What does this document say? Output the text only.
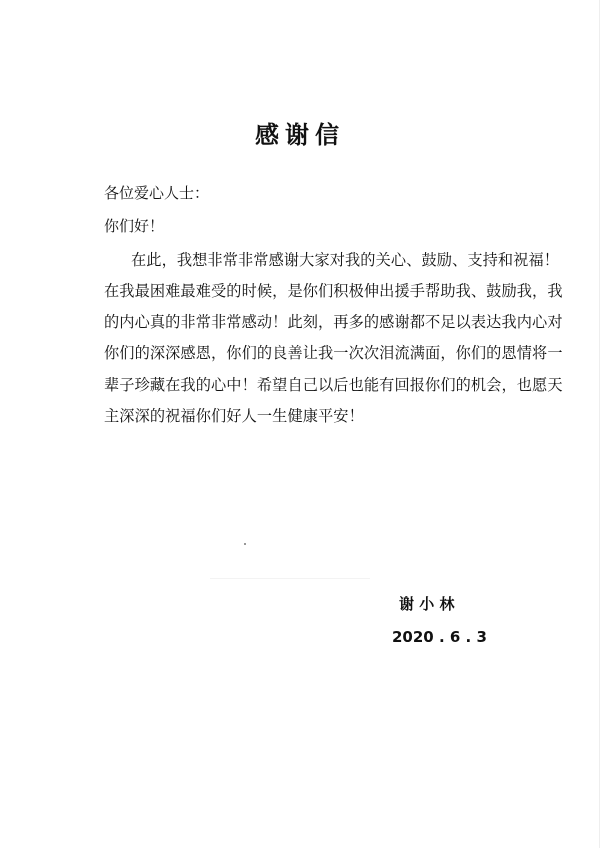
感谢信
各位爱心人士：
你们好！
在此，我想非常非常感谢大家对我的关心、鼓励、支持和祝福！
在我最困难最难受的时候，是你们积极伸出援手帮助我、鼓励我，我
的内心真的非常非常感动！此刻，再多的感谢都不足以表达我内心对
你们的深深感恩，你们的良善让我一次次泪流满面，你们的恩情将一
辈子珍藏在我的心中！希望自己以后也能有回报你们的机会，也愿天
主深深的祝福你们好人一生健康平安！
谢 小 林
2020 . 6 . 3
